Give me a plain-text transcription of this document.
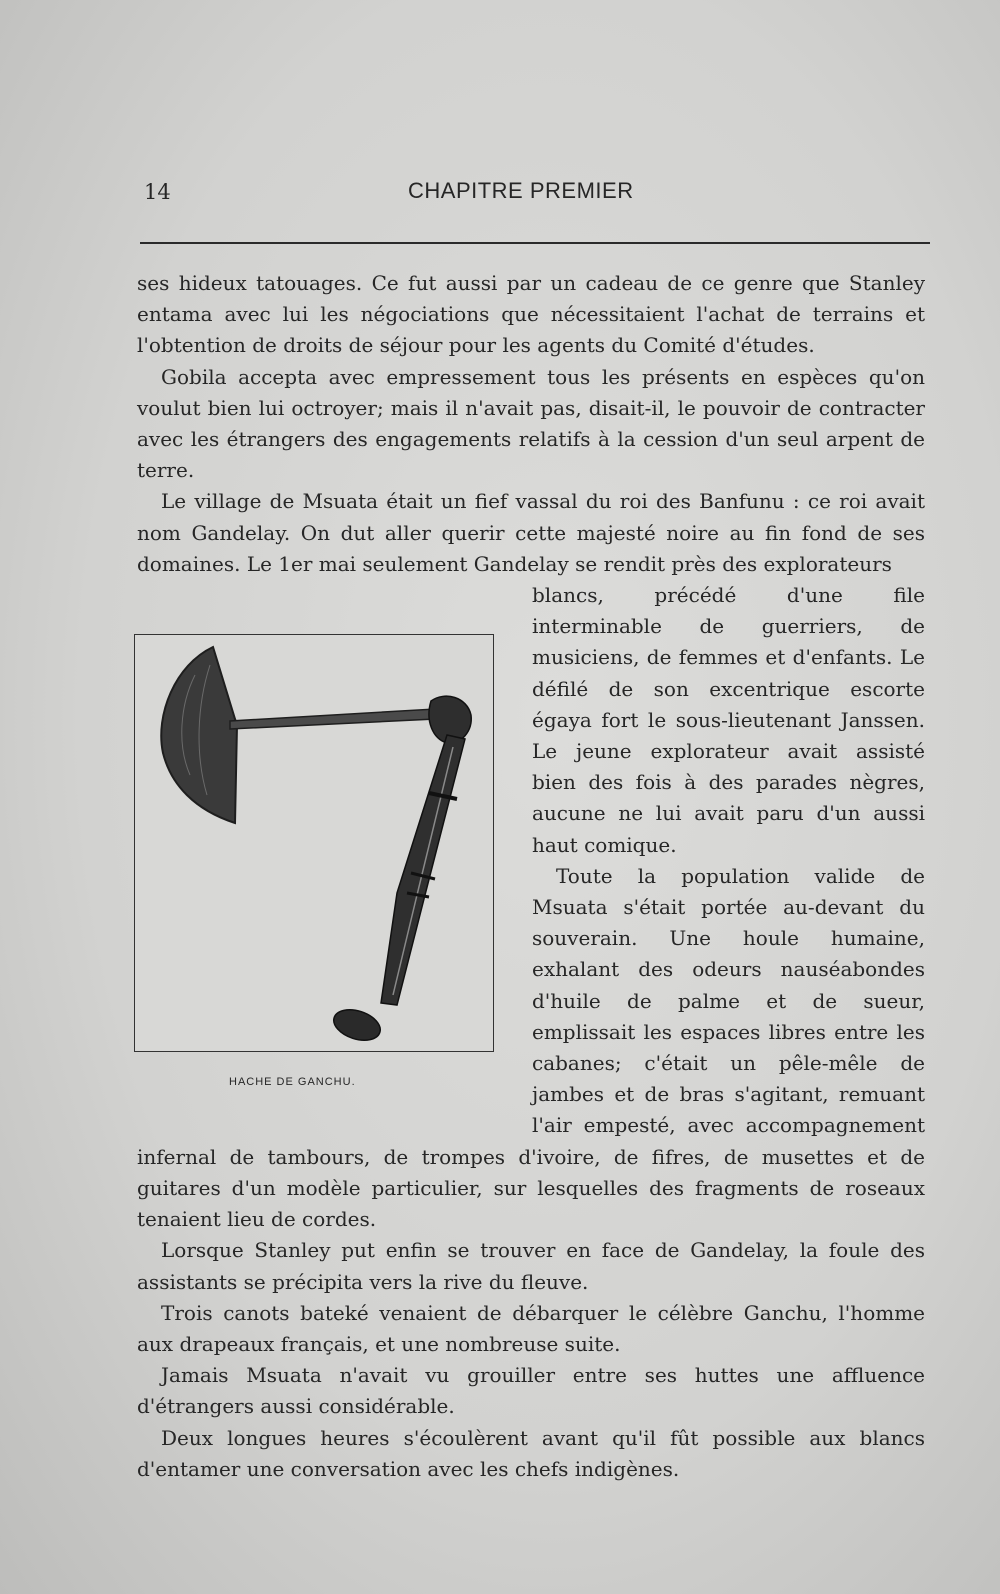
14	CHAPITRE PREMIER

ses hideux tatouages. Ce fut aussi par un cadeau de ce genre que Stanley entama avec lui les négociations que nécessitaient l'achat de terrains et l'obtention de droits de séjour pour les agents du Comité d'études.

Gobila accepta avec empressement tous les présents en espèces qu'on voulut bien lui octroyer; mais il n'avait pas, disait-il, le pouvoir de contracter avec les étrangers des engagements relatifs à la cession d'un seul arpent de terre.

Le village de Msuata était un fief vassal du roi des Banfunu : ce roi avait nom Gandelay. On dut aller querir cette majesté noire au fin fond de ses domaines. Le 1er mai seulement Gandelay se rendit près des explorateurs

HACHE DE GANCHU.

blancs, précédé d'une file interminable de guerriers, de musiciens, de femmes et d'enfants. Le défilé de son excentrique escorte égaya fort le sous-lieutenant Janssen. Le jeune explorateur avait assisté bien des fois à des parades nègres, aucune ne lui avait paru d'un aussi haut comique.

Toute la population valide de Msuata s'était portée au-devant du souverain. Une houle humaine, exhalant des odeurs nauséabondes d'huile de palme et de sueur, emplissait les espaces libres entre les cabanes; c'était un pêle-mêle de jambes et de bras s'agitant, remuant l'air empesté, avec accompagnement infernal de tambours, de trompes d'ivoire, de fifres, de musettes et de guitares d'un modèle particulier, sur lesquelles des fragments de roseaux tenaient lieu de cordes.

Lorsque Stanley put enfin se trouver en face de Gandelay, la foule des assistants se précipita vers la rive du fleuve.

Trois canots bateké venaient de débarquer le célèbre Ganchu, l'homme aux drapeaux français, et une nombreuse suite.

Jamais Msuata n'avait vu grouiller entre ses huttes une affluence d'étrangers aussi considérable.

Deux longues heures s'écoulèrent avant qu'il fût possible aux blancs d'entamer une conversation avec les chefs indigènes.
